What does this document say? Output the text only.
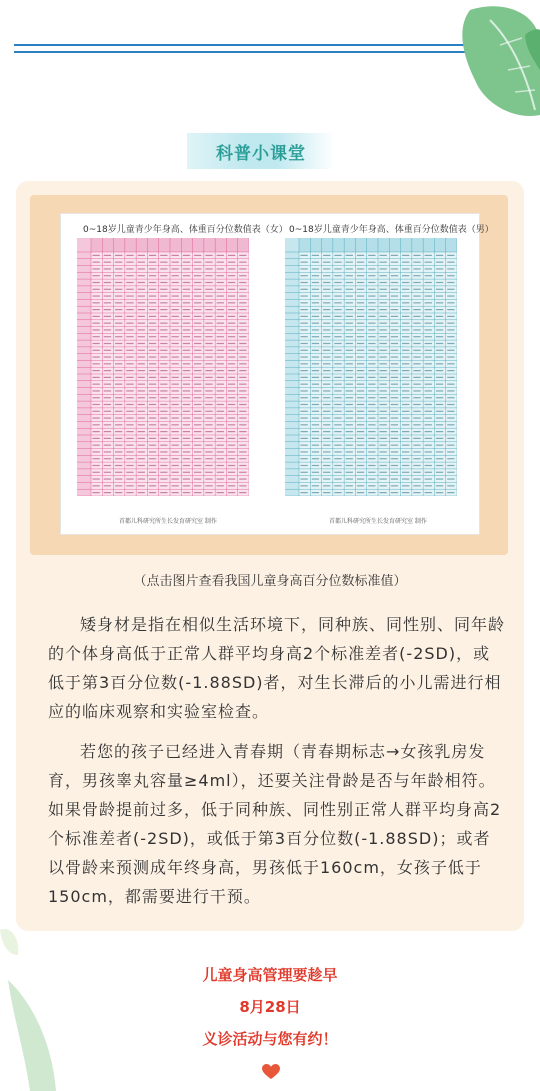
科普小课堂
0~18岁儿童青少年身高、体重百分位数值表（女） 0~18岁儿童青少年身高、体重百分位数值表（男）
首都儿科研究所生长发育研究室 制作	首都儿科研究所生长发育研究室 制作
（点击图片查看我国儿童身高百分位数标准值）
矮身材是指在相似生活环境下，同种族、同性别、同年龄的个体身高低于正常人群平均身高2个标准差者(-2SD)，或低于第3百分位数(-1.88SD)者，对生长滞后的小儿需进行相应的临床观察和实验室检查。
若您的孩子已经进入青春期（青春期标志→女孩乳房发育，男孩睾丸容量≥4ml），还要关注骨龄是否与年龄相符。如果骨龄提前过多，低于同种族、同性别正常人群平均身高2个标准差者(-2SD)，或低于第3百分位数(-1.88SD)；或者以骨龄来预测成年终身高，男孩低于160cm，女孩子低于150cm，都需要进行干预。
儿童身高管理要趁早
8月28日
义诊活动与您有约！
